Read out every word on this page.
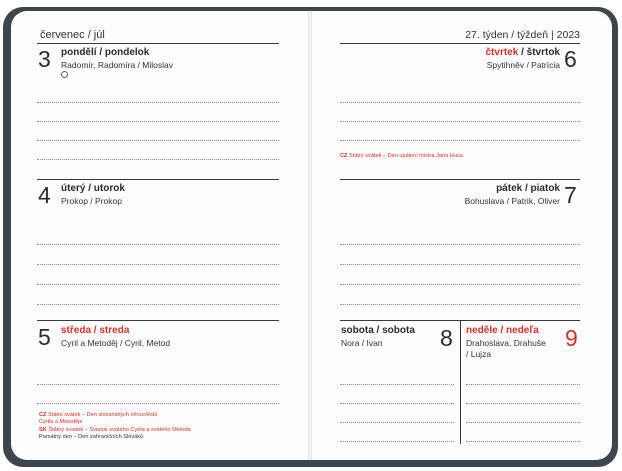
červenec / júl	27. týden / týždeň | 2023
3 pondělí / pondelok
Radomír, Radomíra / Miloslav
4 úterý / utorok
Prokop / Prokop
5 středa / streda
Cyril a Metoděj / Cyril, Metod
CZ Státní svátek – Den slovanských věrozvěstů
Cyrila a Metoděje
SK Štátny sviatok – Sviatok svätého Cyrila a svätého Metoda
Památný den – Den zahraničních Slováků
6
čtvrtek / štvrtok
Spytihněv / Patrícia
CZ Státní svátek – Den upálení mistra Jana Husa
7
pátek / piatok
Bohuslava / Patrik, Oliver
sobota / sobota
Nora / Ivan 8 neděle / nedeľa
Drahoslava, Drahuše
/ Lujza
9
